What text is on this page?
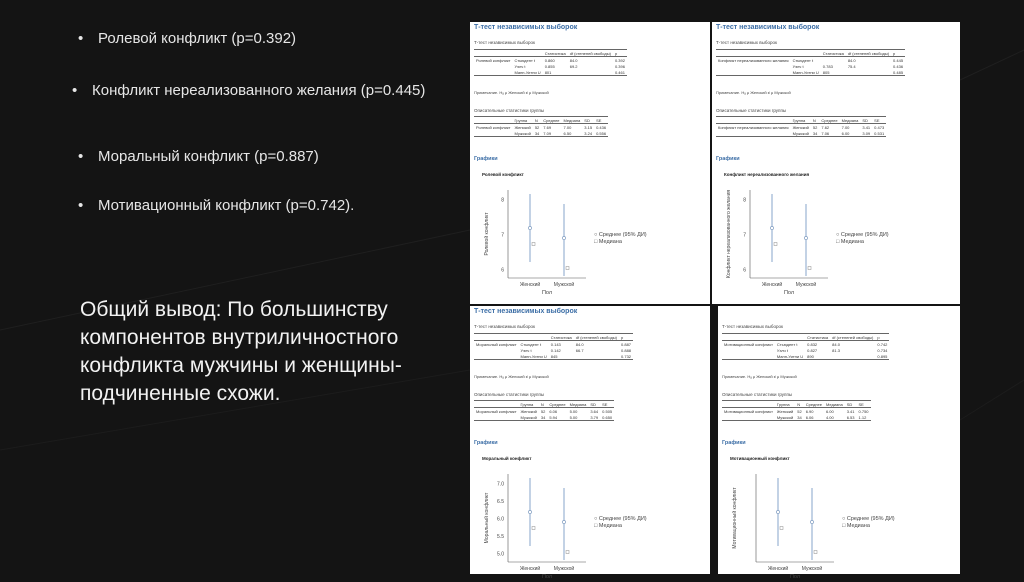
• Ролевой конфликт (p=0.392)
• Конфликт нереализованного желания (p=0.445)
• Моральный конфликт (p=0.887)
• Мотивационный конфликт (p=0.742).
Общий вывод: По большинству компонентов внутриличностного конфликта мужчины и женщины-подчиненные схожи.
Т-тест независимых выборок
Т-тест независимых выборок
		Статистика	df (степеней свободы)	p
Ролевой конфликт	Стьюдент t	0.860	84.0	0.392
	Уэлч t	0.855	69.2	0.396
	Манн-Уитни U	801		0.461
Примечание. Hₐ μ Женский ≠ μ Мужской
Описательные статистики группы
	Группа	N	Среднее	Медиана	SD	SE
Ролевой конфликт	Женский	52	7.69	7.00	3.15	0.436
	Мужской	34	7.09	6.50	3.24	0.556
Графики
Ролевой конфликт
8
7
6
Ролевой конфликт
Женский	Мужской
Пол
○ Среднее (95% ДИ)
□ Медиана
Т-тест независимых выборок
Т-тест независимых выборок
		Статистика	df (степеней свободы)	p
Конфликт нереализованного желания	Стьюдент t		84.0	0.445
	Уэлч t	0.783	75.4	0.436
	Манн-Уитни U	805		0.485
Примечание. Hₐ μ Женский ≠ μ Мужской
Описательные статистики группы
	Группа	N	Среднее	Медиана	SD	SE
Конфликт нереализованного желания	Женский	52	7.62	7.00	3.41	0.473
	Мужской	34	7.06	6.00	3.09	0.531
Графики
Конфликт нереализованного желания
8
7
6
Конфликт нереализованного желания
Женский	Мужской
Пол
○ Среднее (95% ДИ)
□ Медиана
Т-тест независимых выборок
Т-тест независимых выборок
		Статистика	df (степеней свободы)	p
Моральный конфликт	Стьюдент t	0.143	84.0	0.887
	Уэлч t	0.142	66.7	0.888
	Манн-Уитни U	845		0.732
Примечание. Hₐ μ Женский ≠ μ Мужской
Описательные статистики группы
	Группа	N	Среднее	Медиана	SD	SE
Моральный конфликт	Женский	52	6.06	5.00	3.64	0.505
	Мужской	34	5.94	5.00	3.79	0.650
Графики
Моральный конфликт
7.0
6.5
6.0
5.5
5.0
Моральный конфликт
Женский	Мужской
Пол
○ Среднее (95% ДИ)
□ Медиана
Т-тест независимых выборок
		Статистика	df (степеней свободы)	p
Мотивационный конфликт	Стьюдент t	0.832	84.0	0.742
	Уэлч t	0.827	81.3	0.734
	Манн-Уитни U	890		0.895
Примечание. Hₐ μ Женский ≠ μ Мужской
Описательные статистики группы
	Группа	N	Среднее	Медиана	SD	SE
Мотивационный конфликт	Женский	52	6.90	6.00	3.41	0.750
	Мужской	34	6.06	4.00	6.53	1.12
Графики
Мотивационный конфликт
Мотивационный конфликт
Женский	Мужской
Пол
○ Среднее (95% ДИ)
□ Медиана
